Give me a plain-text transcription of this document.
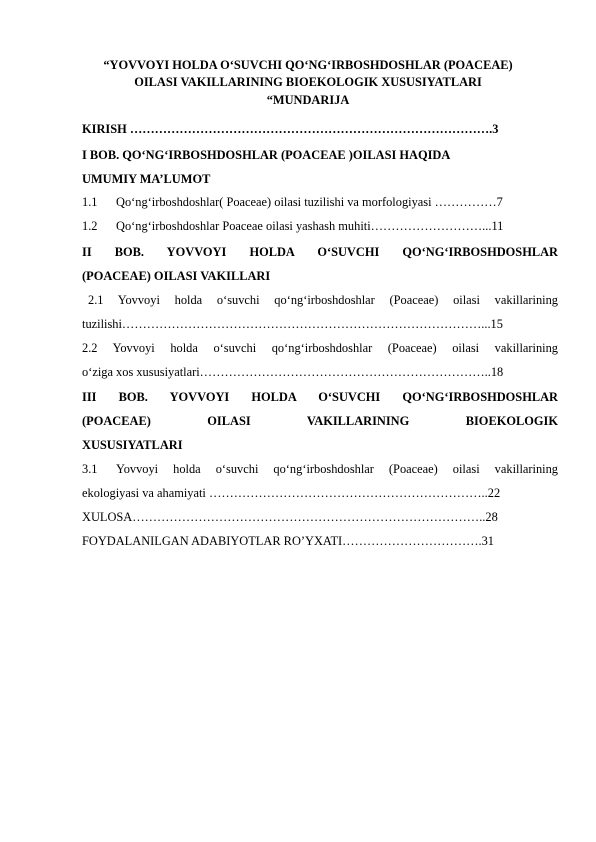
“YOVVOYI HOLDA O‘SUVCHI QO‘NG‘IRBOSHDOSHLAR (POACEAE)
OILASI VAKILLARINING BIOEKOLOGIK XUSUSIYATLARI
“MUNDARIJA
KIRISH …………………………………………………………………………….3
I BOB. QO‘NG‘IRBOSHDOSHLAR (POACEAE )OILASI HAQIDA
UMUMIY MA’LUMOT
1.1 Qo‘ng‘irboshdoshlar( Poaceae) oilasi tuzilishi va morfologiyasi ……………7
1.2 Qo‘ng‘irboshdoshlar Poaceae oilasi yashash muhiti………………………...11
II BOB. YOVVOYI HOLDA O‘SUVCHI QO‘NG‘IRBOSHDOSHLAR
(POACEAE) OILASI VAKILLARI
2.1 Yovvoyi holda o‘suvchi qo‘ng‘irboshdoshlar (Poaceae) oilasi vakillarining
tuzilishi……………………………………………………………………………...15
2.2 Yovvoyi holda o‘suvchi qo‘ng‘irboshdoshlar (Poaceae) oilasi vakillarining
o‘ziga xos xususiyatlari……………………………………………………………..18
III BOB. YOVVOYI HOLDA O‘SUVCHI QO‘NG‘IRBOSHDOSHLAR
(POACEAE) OILASI VAKILLARINING BIOEKOLOGIK
XUSUSIYATLARI
3.1	Yovvoyi holda o‘suvchi qo‘ng‘irboshdoshlar (Poaceae) oilasi vakillarining
ekologiyasi va ahamiyati …………………………………………………………..22
XULOSA…………………………………………………………………………..28
FOYDALANILGAN ADABIYOTLAR RO’YXATI…………………………….31
